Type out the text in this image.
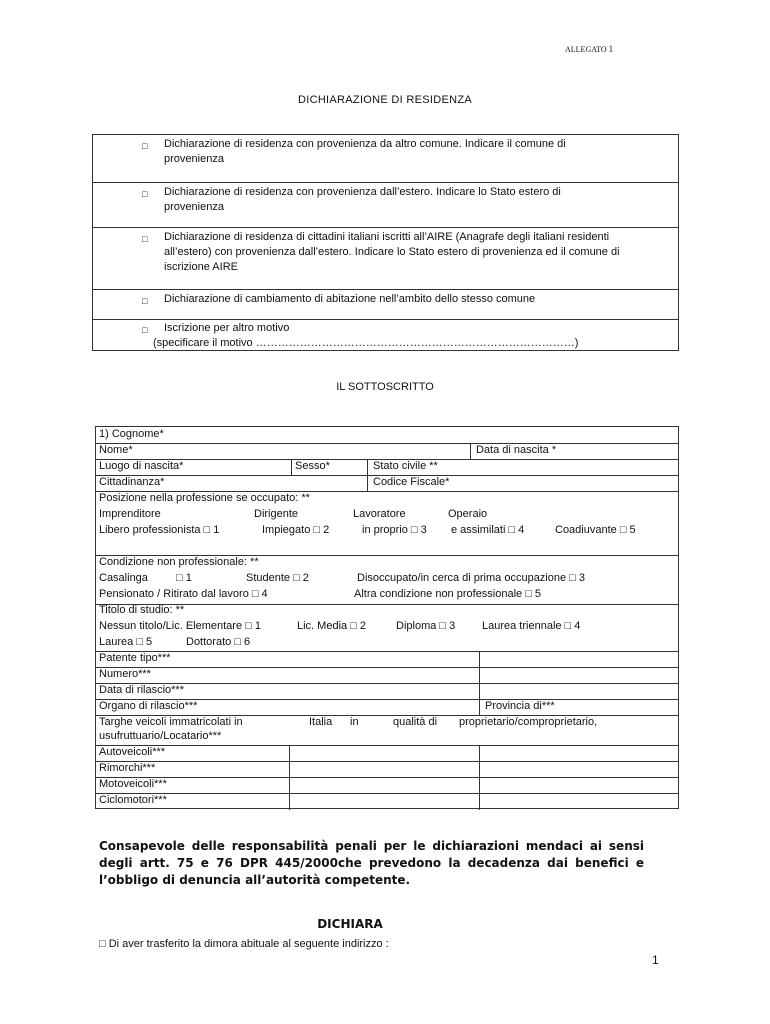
ALLEGATO 1
DICHIARAZIONE DI RESIDENZA
□ Dichiarazione di residenza con provenienza da altro comune. Indicare il comune di
provenienza
□ Dichiarazione di residenza con provenienza dall’estero. Indicare lo Stato estero di
provenienza
□ Dichiarazione di residenza di cittadini italiani iscritti all’AIRE (Anagrafe degli italiani residenti
all’estero) con provenienza dall’estero. Indicare lo Stato estero di provenienza ed il comune di
iscrizione AIRE
□ Dichiarazione di cambiamento di abitazione nell’ambito dello stesso comune
□ Iscrizione per altro motivo
(specificare il motivo ……………………………………………………………………………)
IL SOTTOSCRITTO
1) Cognome*
Nome*	Data di nascita *
Luogo di nascita*	Sesso*	Stato civile **
Cittadinanza*	Codice Fiscale*
Posizione nella professione se occupato: **
Imprenditore	Dirigente	Lavoratore	Operaio
Libero professionista □ 1	Impiegato □ 2	in proprio □ 3 e assimilati □ 4	Coadiuvante □ 5
Condizione non professionale: **
Casalinga	□ 1	Studente □ 2	Disoccupato/in cerca di prima occupazione □ 3
Pensionato / Ritirato dal lavoro □ 4	Altra condizione non professionale □ 5
Titolo di studio: **
Nessun titolo/Lic. Elementare □ 1	Lic. Media □ 2	Diploma □ 3 Laurea triennale □ 4
Laurea □ 5	Dottorato □ 6
Patente tipo***
Numero***
Data di rilascio***
Organo di rilascio***	Provincia di***
Targhe veicoli immatricolati in	Italia in	qualità di proprietario/comproprietario,
usufruttuario/Locatario***
Autoveicoli***
Rimorchi***
Motoveicoli***
Ciclomotori***
Consapevole delle responsabilità penali per le dichiarazioni mendaci ai sensi degli artt. 75 e 76 DPR 445/2000che prevedono la decadenza dai benefici e l’obbligo di denuncia all’autorità competente.
DICHIARA
□ Di aver trasferito la dimora abituale al seguente indirizzo :
1
